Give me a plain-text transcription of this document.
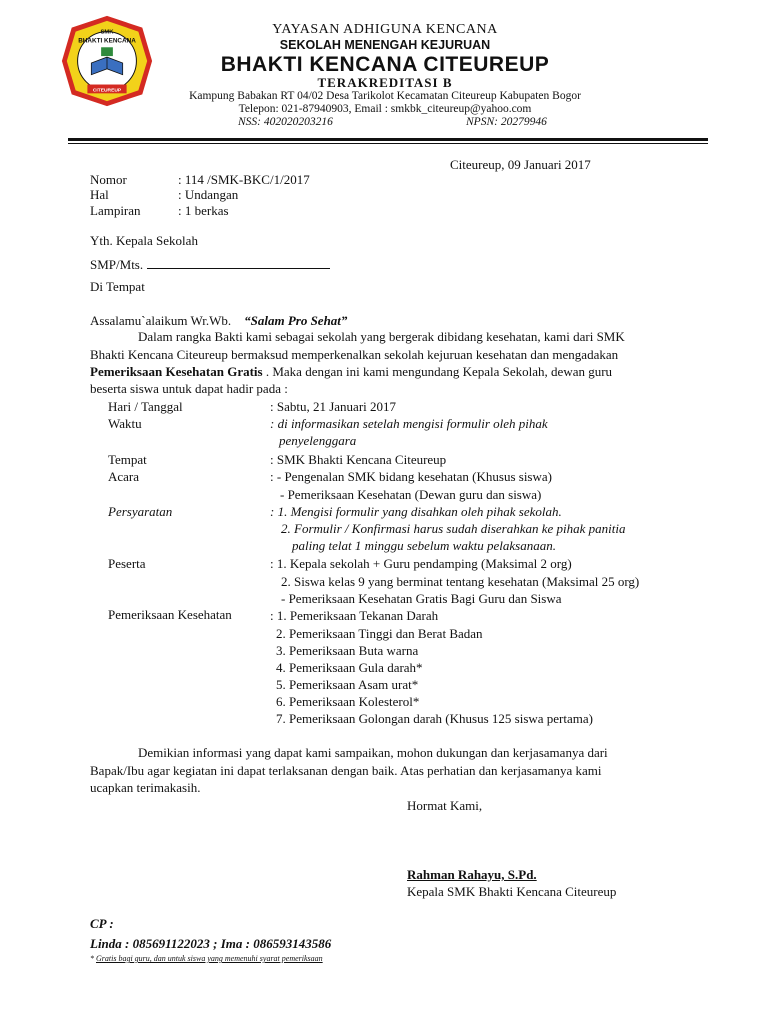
SMK
BHAKTI KENCANA
CITEUREUP
YAYASAN ADHIGUNA KENCANA
SEKOLAH MENENGAH KEJURUAN
BHAKTI KENCANA CITEUREUP
TERAKREDITASI B
Kampung Babakan RT 04/02 Desa Tarikolot Kecamatan Citeureup Kabupaten Bogor
Telepon: 021-87940903, Email : smkbk_citeureup@yahoo.com
NSS: 402020203216	NPSN: 20279946
Citeureup, 09 Januari 2017
Nomor	: 114 /SMK-BKC/1/2017
Hal	: Undangan
Lampiran	: 1 berkas
Yth. Kepala Sekolah
SMP/Mts.
Di Tempat
Assalamu`alaikum Wr.Wb. “Salam Pro Sehat”
Dalam rangka Bakti kami sebagai sekolah yang bergerak dibidang kesehatan, kami dari SMK
Bhakti Kencana Citeureup bermaksud memperkenalkan sekolah kejuruan kesehatan dan mengadakan
Pemeriksaan Kesehatan Gratis . Maka dengan ini kami mengundang Kepala Sekolah, dewan guru
beserta siswa untuk dapat hadir pada :
Hari / Tanggal	: Sabtu, 21 Januari 2017
Waktu	: di informasikan setelah mengisi formulir oleh pihak
penyelenggara
Tempat	: SMK Bhakti Kencana Citeureup
Acara	: - Pengenalan SMK bidang kesehatan (Khusus siswa)
- Pemeriksaan Kesehatan (Dewan guru dan siswa)
Persyaratan	: 1. Mengisi formulir yang disahkan oleh pihak sekolah.
2. Formulir / Konfirmasi harus sudah diserahkan ke pihak panitia
paling telat 1 minggu sebelum waktu pelaksanaan.
Peserta	: 1. Kepala sekolah + Guru pendamping (Maksimal 2 org)
2. Siswa kelas 9 yang berminat tentang kesehatan (Maksimal 25 org)
- Pemeriksaan Kesehatan Gratis Bagi Guru dan Siswa
Pemeriksaan Kesehatan	: 1. Pemeriksaan Tekanan Darah
2. Pemeriksaan Tinggi dan Berat Badan
3. Pemeriksaan Buta warna
4. Pemeriksaan Gula darah*
5. Pemeriksaan Asam urat*
6. Pemeriksaan Kolesterol*
7. Pemeriksaan Golongan darah (Khusus 125 siswa pertama)
Demikian informasi yang dapat kami sampaikan, mohon dukungan dan kerjasamanya dari
Bapak/Ibu agar kegiatan ini dapat terlaksanan dengan baik. Atas perhatian dan kerjasamanya kami
ucapkan terimakasih.
Hormat Kami,
Rahman Rahayu, S.Pd.
Kepala SMK Bhakti Kencana Citeureup
CP :
Linda : 085691122023 ; Ima : 086593143586
* Gratis bagi guru, dan untuk siswa yang memenuhi syarat pemeriksaan
